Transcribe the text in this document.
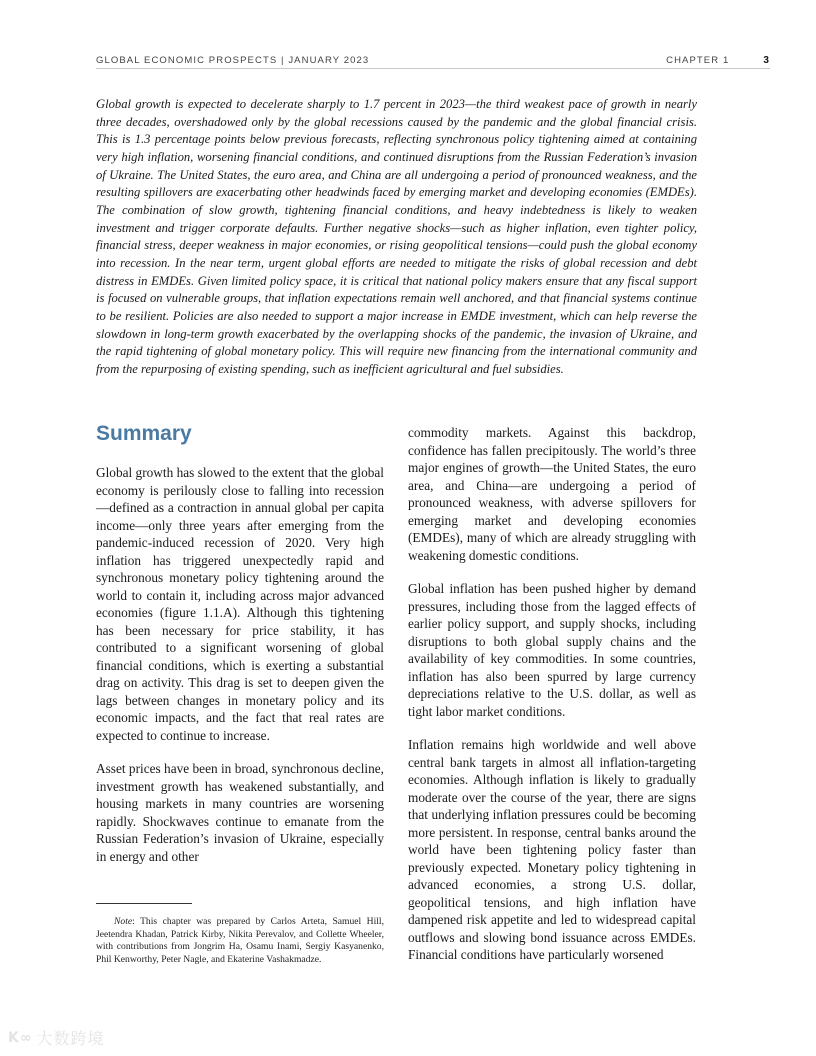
GLOBAL ECONOMIC PROSPECTS | JANUARY 2023	CHAPTER 1	3

Global growth is expected to decelerate sharply to 1.7 percent in 2023—the third weakest pace of growth in nearly three decades, overshadowed only by the global recessions caused by the pandemic and the global financial crisis. This is 1.3 percentage points below previous forecasts, reflecting synchronous policy tightening aimed at containing very high inflation, worsening financial conditions, and continued disruptions from the Russian Federation’s invasion of Ukraine. The United States, the euro area, and China are all undergoing a period of pronounced weakness, and the resulting spillovers are exacerbating other headwinds faced by emerging market and developing economies (EMDEs). The combination of slow growth, tightening financial conditions, and heavy indebtedness is likely to weaken investment and trigger corporate defaults. Further negative shocks—such as higher inflation, even tighter policy, financial stress, deeper weakness in major economies, or rising geopolitical tensions—could push the global economy into recession. In the near term, urgent global efforts are needed to mitigate the risks of global recession and debt distress in EMDEs. Given limited policy space, it is critical that national policy makers ensure that any fiscal support is focused on vulnerable groups, that inflation expectations remain well anchored, and that financial systems continue to be resilient. Policies are also needed to support a major increase in EMDE investment, which can help reverse the slowdown in long-term growth exacerbated by the overlapping shocks of the pandemic, the invasion of Ukraine, and the rapid tightening of global monetary policy. This will require new financing from the international community and from the repurposing of existing spending, such as inefficient agricultural and fuel subsidies.

Summary

Global growth has slowed to the extent that the global economy is perilously close to falling into recession—defined as a contraction in annual global per capita income—only three years after emerging from the pandemic-induced recession of 2020. Very high inflation has triggered unexpectedly rapid and synchronous monetary policy tightening around the world to contain it, including across major advanced economies (figure 1.1.A). Although this tightening has been necessary for price stability, it has contributed to a significant worsening of global financial conditions, which is exerting a substantial drag on activity. This drag is set to deepen given the lags between changes in monetary policy and its economic impacts, and the fact that real rates are expected to continue to increase.

Asset prices have been in broad, synchronous decline, investment growth has weakened substantially, and housing markets in many countries are worsening rapidly. Shockwaves continue to emanate from the Russian Federation’s invasion of Ukraine, especially in energy and other

commodity markets. Against this backdrop, confidence has fallen precipitously. The world’s three major engines of growth—the United States, the euro area, and China—are undergoing a period of pronounced weakness, with adverse spillovers for emerging market and developing economies (EMDEs), many of which are already struggling with weakening domestic conditions.

Global inflation has been pushed higher by demand pressures, including those from the lagged effects of earlier policy support, and supply shocks, including disruptions to both global supply chains and the availability of key commodities. In some countries, inflation has also been spurred by large currency depreciations relative to the U.S. dollar, as well as tight labor market conditions.

Inflation remains high worldwide and well above central bank targets in almost all inflation-targeting economies. Although inflation is likely to gradually moderate over the course of the year, there are signs that underlying inflation pressures could be becoming more persistent. In response, central banks around the world have been tightening policy faster than previously expected. Monetary policy tightening in advanced economies, a strong U.S. dollar, geopolitical tensions, and high inflation have dampened risk appetite and led to widespread capital outflows and slowing bond issuance across EMDEs. Financial conditions have particularly worsened

Note: This chapter was prepared by Carlos Arteta, Samuel Hill, Jeetendra Khadan, Patrick Kirby, Nikita Perevalov, and Collette Wheeler, with contributions from Jongrim Ha, Osamu Inami, Sergiy Kasyanenko, Phil Kenworthy, Peter Nagle, and Ekaterine Vashakmadze.

K∞ 大数跨境
